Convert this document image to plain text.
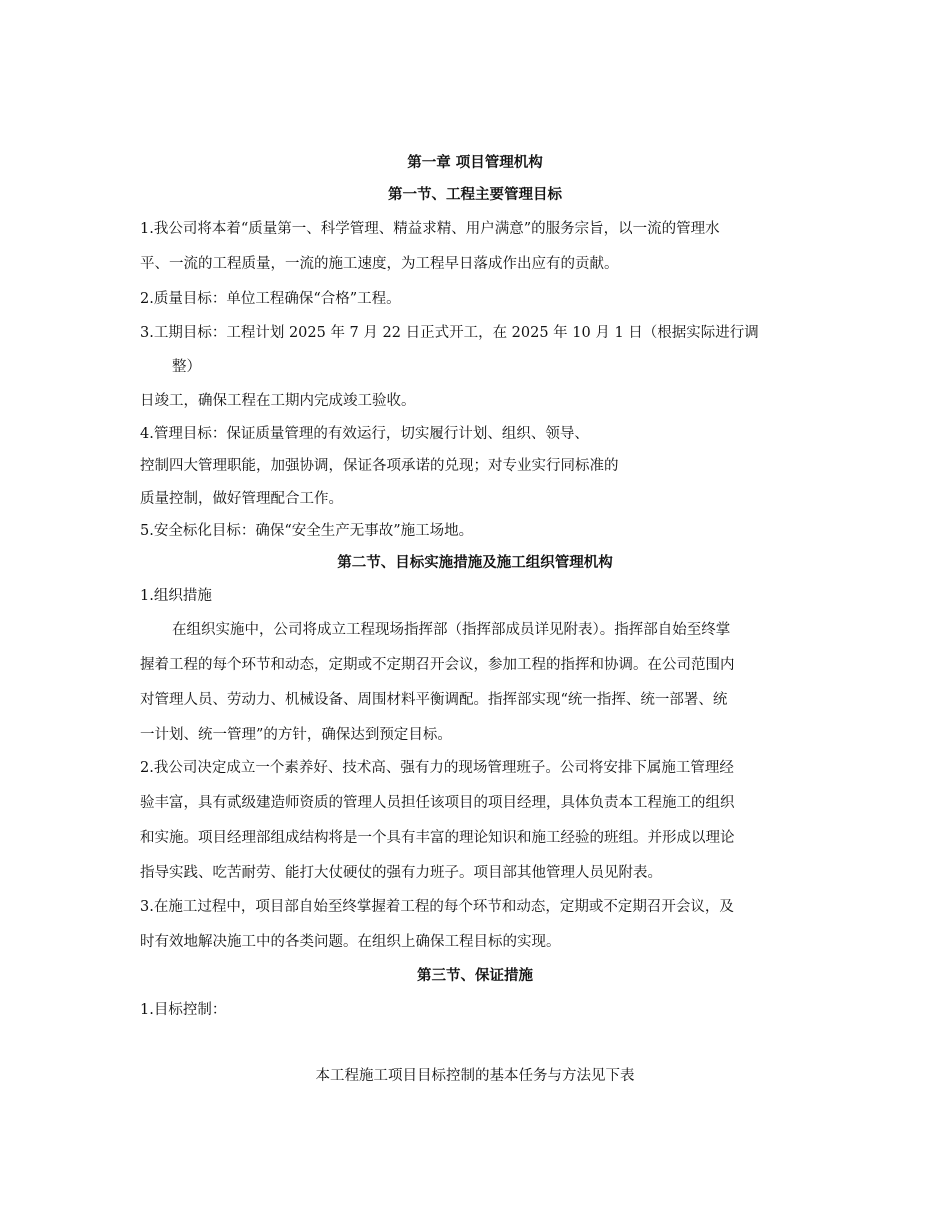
第一章 项目管理机构
第一节、工程主要管理目标
1.我公司将本着“质量第一、科学管理、精益求精、用户满意”的服务宗旨，以一流的管理水
平、一流的工程质量，一流的施工速度，为工程早日落成作出应有的贡献。
2.质量目标：单位工程确保“合格”工程。
3.工期目标：工程计划 2025 年 7 月 22 日正式开工，在 2025 年 10 月 1 日（根据实际进行调
整）
日竣工，确保工程在工期内完成竣工验收。
4.管理目标：保证质量管理的有效运行，切实履行计划、组织、领导、
控制四大管理职能，加强协调，保证各项承诺的兑现；对专业实行同标准的
质量控制，做好管理配合工作。
5.安全标化目标：确保“安全生产无事故”施工场地。
第二节、目标实施措施及施工组织管理机构
1.组织措施
在组织实施中，公司将成立工程现场指挥部（指挥部成员详见附表）。指挥部自始至终掌
握着工程的每个环节和动态，定期或不定期召开会议，参加工程的指挥和协调。在公司范围内
对管理人员、劳动力、机械设备、周围材料平衡调配。指挥部实现“统一指挥、统一部署、统
一计划、统一管理”的方针，确保达到预定目标。
2.我公司决定成立一个素养好、技术高、强有力的现场管理班子。公司将安排下属施工管理经
验丰富，具有贰级建造师资质的管理人员担任该项目的项目经理，具体负责本工程施工的组织
和实施。项目经理部组成结构将是一个具有丰富的理论知识和施工经验的班组。并形成以理论
指导实践、吃苦耐劳、能打大仗硬仗的强有力班子。项目部其他管理人员见附表。
3.在施工过程中，项目部自始至终掌握着工程的每个环节和动态，定期或不定期召开会议，及
时有效地解决施工中的各类问题。在组织上确保工程目标的实现。
第三节、保证措施
1.目标控制：
本工程施工项目目标控制的基本任务与方法见下表
